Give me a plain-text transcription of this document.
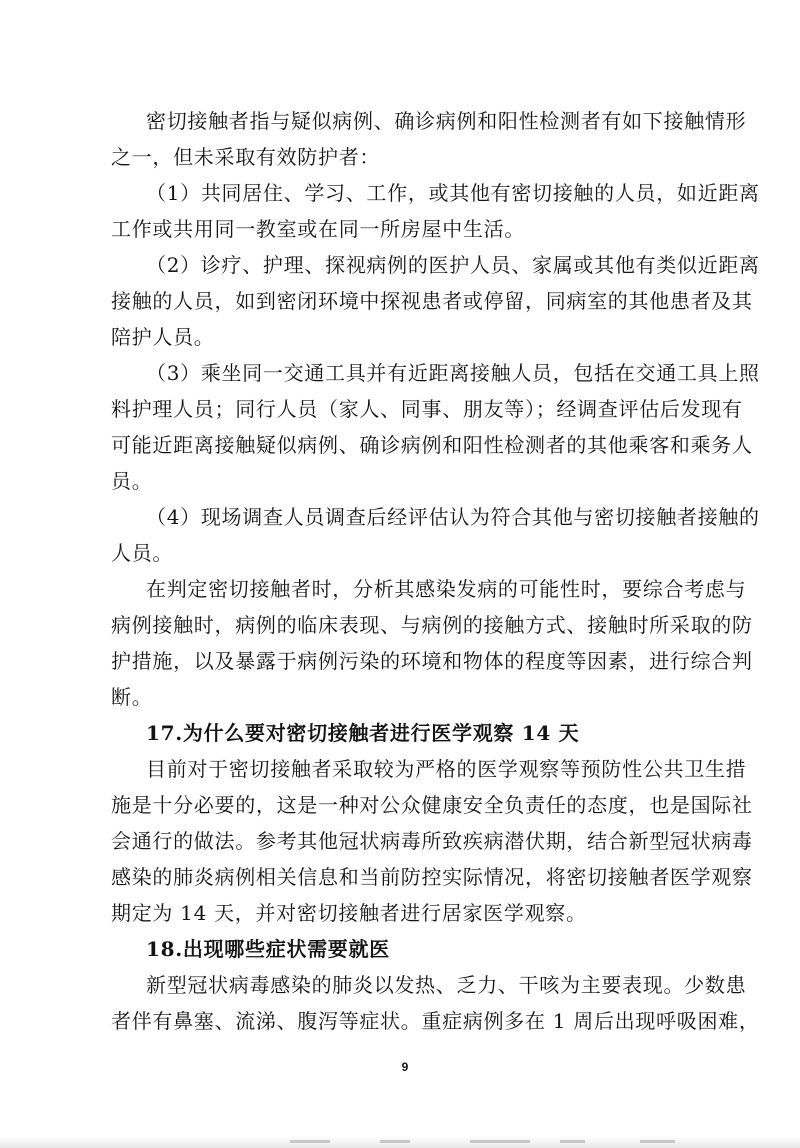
密切接触者指与疑似病例、确诊病例和阳性检测者有如下接触情形
之一，但未采取有效防护者：
（1）共同居住、学习、工作，或其他有密切接触的人员，如近距离
工作或共用同一教室或在同一所房屋中生活。
（2）诊疗、护理、探视病例的医护人员、家属或其他有类似近距离
接触的人员，如到密闭环境中探视患者或停留，同病室的其他患者及其
陪护人员。
（3）乘坐同一交通工具并有近距离接触人员，包括在交通工具上照
料护理人员；同行人员（家人、同事、朋友等）；经调查评估后发现有
可能近距离接触疑似病例、确诊病例和阳性检测者的其他乘客和乘务人
员。
（4）现场调查人员调查后经评估认为符合其他与密切接触者接触的
人员。
在判定密切接触者时，分析其感染发病的可能性时，要综合考虑与
病例接触时，病例的临床表现、与病例的接触方式、接触时所采取的防
护措施，以及暴露于病例污染的环境和物体的程度等因素，进行综合判
断。
17.为什么要对密切接触者进行医学观察 14 天
目前对于密切接触者采取较为严格的医学观察等预防性公共卫生措
施是十分必要的，这是一种对公众健康安全负责任的态度，也是国际社
会通行的做法。参考其他冠状病毒所致疾病潜伏期，结合新型冠状病毒
感染的肺炎病例相关信息和当前防控实际情况，将密切接触者医学观察
期定为 14 天，并对密切接触者进行居家医学观察。
18.出现哪些症状需要就医
新型冠状病毒感染的肺炎以发热、乏力、干咳为主要表现。少数患
者伴有鼻塞、流涕、腹泻等症状。重症病例多在 1 周后出现呼吸困难，
9
